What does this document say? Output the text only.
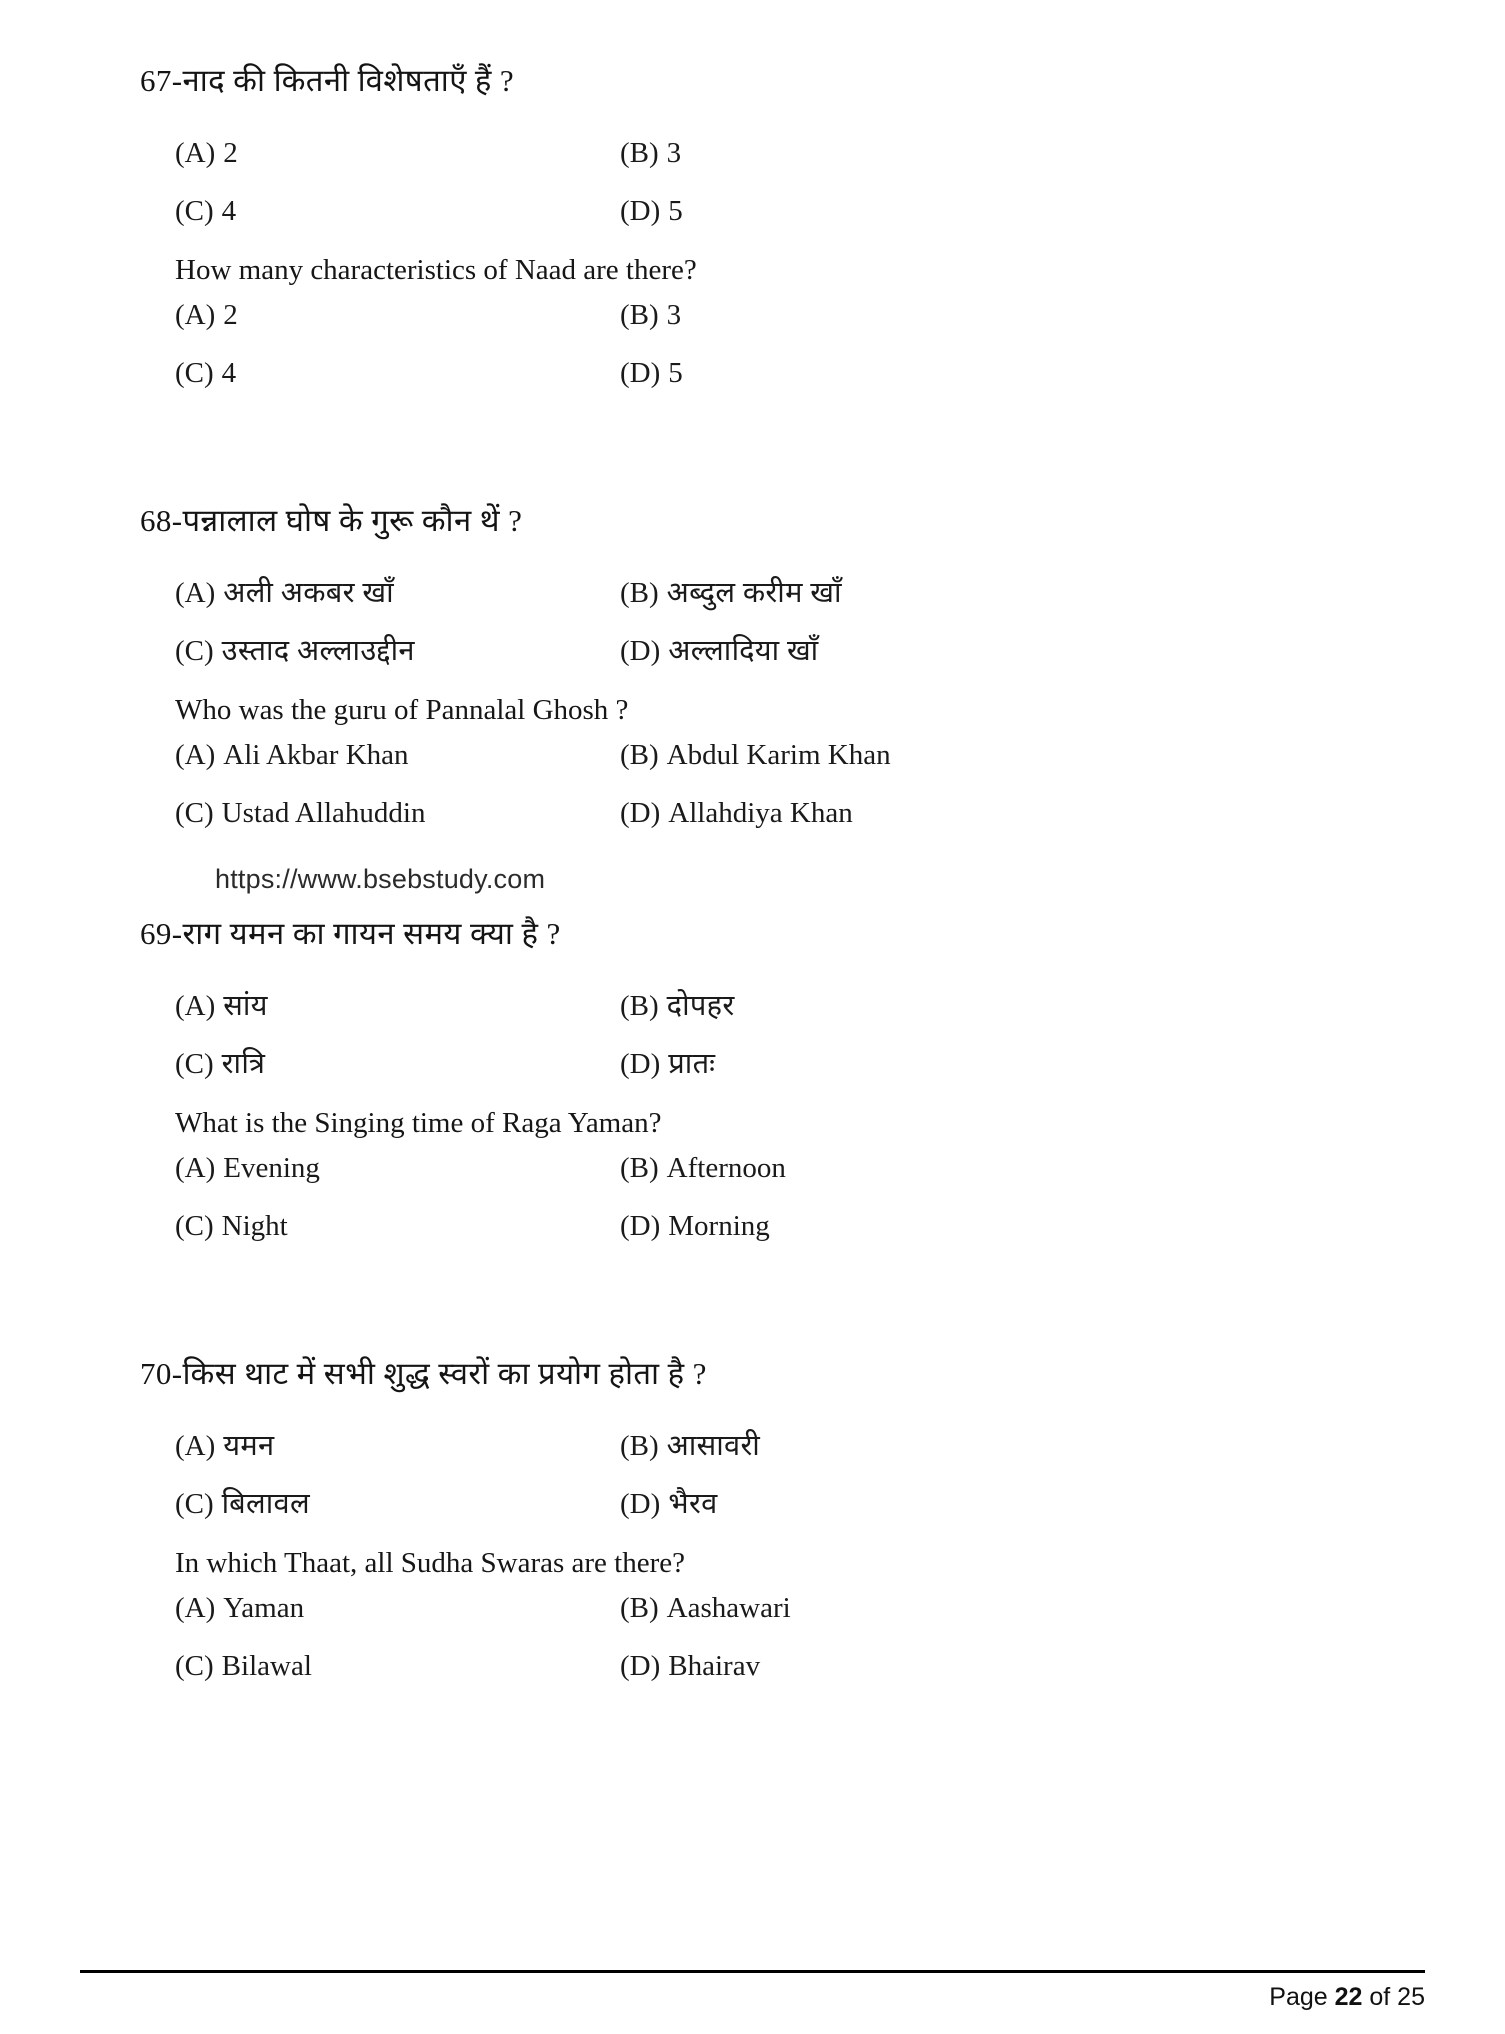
67-नाद की कितनी विशेषताएँ हैं ?
(A) 2	(B) 3
(C) 4	(D) 5
How many characteristics of Naad are there?
(A) 2	(B) 3
(C) 4	(D) 5
68-पन्नालाल घोष के गुरू कौन थें ?
(A) अली अकबर खाँ	(B) अब्दुल करीम खाँ
(C) उस्ताद अल्लाउद्दीन	(D) अल्लादिया खाँ
Who was the guru of Pannalal Ghosh ?
(A) Ali Akbar Khan	(B) Abdul Karim Khan
(C) Ustad Allahuddin	(D) Allahdiya Khan
https://www.bsebstudy.com
69-राग यमन का गायन समय क्या है ?
(A) सांय	(B) दोपहर
(C) रात्रि	(D) प्रातः
What is the Singing time of Raga Yaman?
(A) Evening	(B) Afternoon
(C) Night	(D) Morning
70-किस थाट में सभी शुद्ध स्वरों का प्रयोग होता है ?
(A) यमन	(B) आसावरी
(C) बिलावल	(D) भैरव
In which Thaat, all Sudha Swaras are there?
(A) Yaman	(B) Aashawari
(C) Bilawal	(D) Bhairav
Page 22 of 25
